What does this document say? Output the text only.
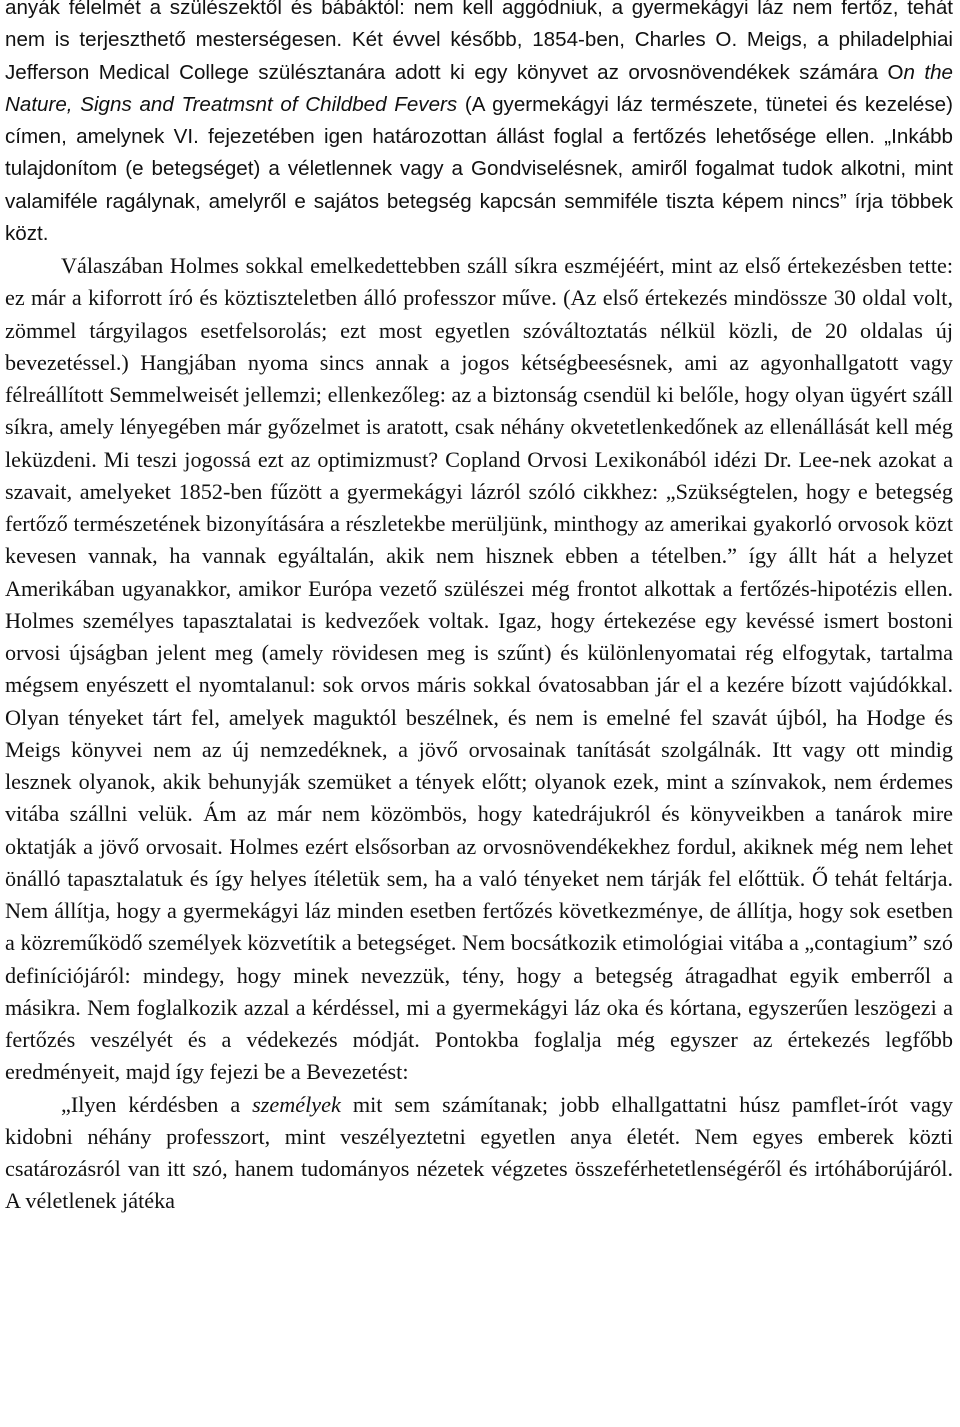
anyák félelmét a szülészektől és bábáktól: nem kell aggódniuk, a gyermekágyi láz nem fertőz, tehát nem is terjeszthető mesterségesen. Két évvel később, 1854-ben, Charles O. Meigs, a philadelphiai Jefferson Medical College szülésztanára adott ki egy könyvet az orvosnövendékek számára On the Nature, Signs and Treatmsnt of Childbed Fevers (A gyermekágyi láz természete, tünetei és kezelése) címen, amelynek VI. fejezetében igen határozottan állást foglal a fertőzés lehetősége ellen. „Inkább tulajdonítom (e betegséget) a véletlennek vagy a Gondviselésnek, amiről fogalmat tudok alkotni, mint valamiféle ragálynak, amelyről e sajátos betegség kapcsán semmiféle tiszta képem nincs” írja többek közt.

Válaszában Holmes sokkal emelkedettebben száll síkra eszméjéért, mint az első értekezésben tette: ez már a kiforrott író és köztiszteletben álló professzor műve. (Az első értekezés mindössze 30 oldal volt, zömmel tárgyilagos esetfelsorolás; ezt most egyetlen szóváltoztatás nélkül közli, de 20 oldalas új bevezetéssel.) Hangjában nyoma sincs annak a jogos kétségbeesésnek, ami az agyonhallgatott vagy félreállított Semmelweisét jellemzi; ellenkezőleg: az a biztonság csendül ki belőle, hogy olyan ügyért száll síkra, amely lényegében már győzelmet is aratott, csak néhány okvetetlenkedőnek az ellenállását kell még leküzdeni. Mi teszi jogossá ezt az optimizmust? Copland Orvosi Lexikonából idézi Dr. Lee-nek azokat a szavait, amelyeket 1852-ben fűzött a gyermekágyi lázról szóló cikkhez: „Szükségtelen, hogy e betegség fertőző természetének bizonyítására a részletekbe merüljünk, minthogy az amerikai gyakorló orvosok közt kevesen vannak, ha vannak egyáltalán, akik nem hisznek ebben a tételben.” így állt hát a helyzet Amerikában ugyanakkor, amikor Európa vezető szülészei még frontot alkottak a fertőzés-hipotézis ellen. Holmes személyes tapasztalatai is kedvezőek voltak. Igaz, hogy értekezése egy kevéssé ismert bostoni orvosi újságban jelent meg (amely rövidesen meg is szűnt) és különlenyomatai rég elfogytak, tartalma mégsem enyészett el nyomtalanul: sok orvos máris sokkal óvatosabban jár el a kezére bízott vajúdókkal. Olyan tényeket tárt fel, amelyek maguktól beszélnek, és nem is emelné fel szavát újból, ha Hodge és Meigs könyvei nem az új nemzedéknek, a jövő orvosainak tanítását szolgálnák. Itt vagy ott mindig lesznek olyanok, akik behunyják szemüket a tények előtt; olyanok ezek, mint a színvakok, nem érdemes vitába szállni velük. Ám az már nem közömbös, hogy katedrájukról és könyveikben a tanárok mire oktatják a jövő orvosait. Holmes ezért elsősorban az orvosnövendékekhez fordul, akiknek még nem lehet önálló tapasztalatuk és így helyes ítéletük sem, ha a való tényeket nem tárják fel előttük. Ő tehát feltárja. Nem állítja, hogy a gyermekágyi láz minden esetben fertőzés következménye, de állítja, hogy sok esetben a közreműködő személyek közvetítik a betegséget. Nem bocsátkozik etimológiai vitába a „contagium” szó definíciójáról: mindegy, hogy minek nevezzük, tény, hogy a betegség átragadhat egyik emberről a másikra. Nem foglalkozik azzal a kérdéssel, mi a gyermekágyi láz oka és kórtana, egyszerűen leszögezi a fertőzés veszélyét és a védekezés módját. Pontokba foglalja még egyszer az értekezés legfőbb eredményeit, majd így fejezi be a Bevezetést:

„Ilyen kérdésben a személyek mit sem számítanak; jobb elhallgattatni húsz pamflet-írót vagy kidobni néhány professzort, mint veszélyeztetni egyetlen anya életét. Nem egyes emberek közti csatározásról van itt szó, hanem tudományos nézetek végzetes összeférhetetlenségéről és irtóháborújáról. A véletlenek játéka
